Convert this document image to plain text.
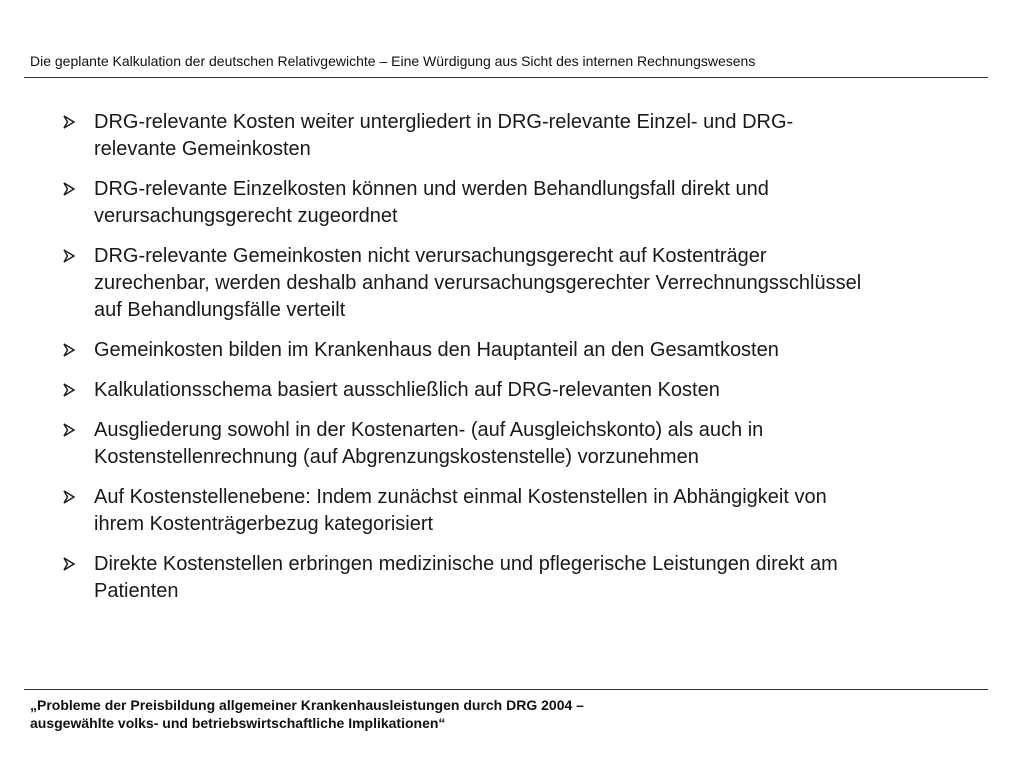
Die geplante Kalkulation der deutschen Relativgewichte – Eine Würdigung aus Sicht des internen Rechnungswesens
DRG-relevante Kosten weiter untergliedert in DRG-relevante Einzel- und DRG-
relevante Gemeinkosten
DRG-relevante Einzelkosten können und werden Behandlungsfall direkt und
verursachungsgerecht zugeordnet
DRG-relevante Gemeinkosten nicht verursachungsgerecht auf Kostenträger
zurechenbar, werden deshalb anhand verursachungsgerechter Verrechnungsschlüssel
auf Behandlungsfälle verteilt
Gemeinkosten bilden im Krankenhaus den Hauptanteil an den Gesamtkosten
Kalkulationsschema basiert ausschließlich auf DRG-relevanten Kosten
Ausgliederung sowohl in der Kostenarten- (auf Ausgleichskonto) als auch in
Kostenstellenrechnung (auf Abgrenzungskostenstelle) vorzunehmen
Auf Kostenstellenebene: Indem zunächst einmal Kostenstellen in Abhängigkeit von
ihrem Kostenträgerbezug kategorisiert
Direkte Kostenstellen erbringen medizinische und pflegerische Leistungen direkt am
Patienten
„Probleme der Preisbildung allgemeiner Krankenhausleistungen durch DRG 2004 –
ausgewählte volks- und betriebswirtschaftliche Implikationen“
